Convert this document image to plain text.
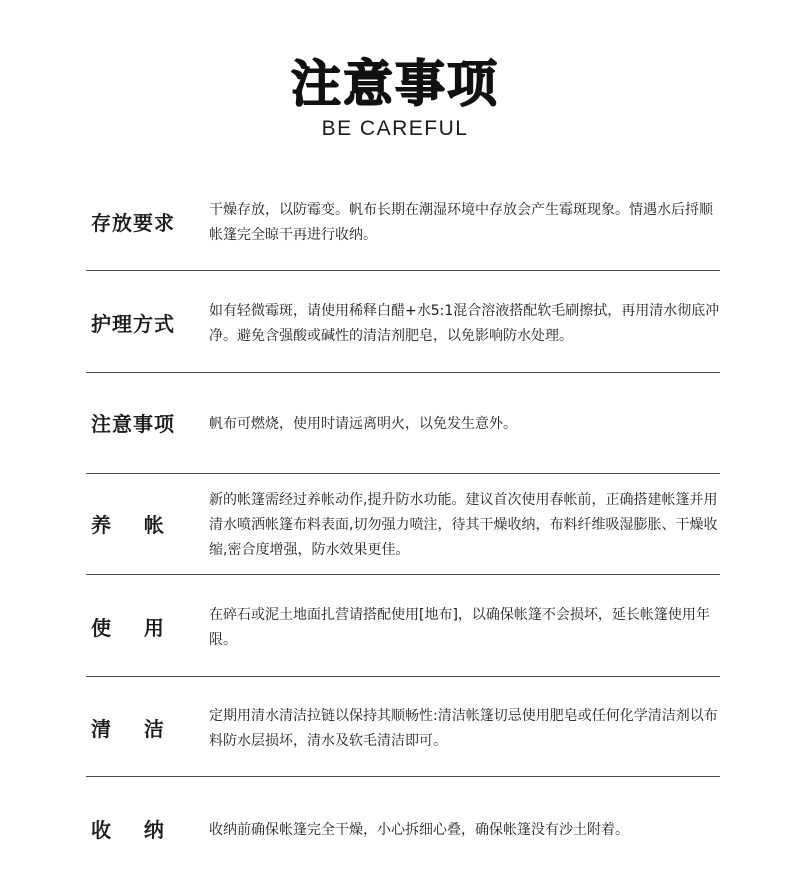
注意事项
BE CAREFUL
存放要求
干燥存放，以防霉变。帆布长期在潮湿环境中存放会产生霉斑现象。情遇水后捋顺帐篷完全晾干再进行收纳。
护理方式
如有轻微霉斑，请使用稀释白醋+水5:1混合溶液搭配软毛刷擦拭，再用清水彻底冲净。避免含强酸或碱性的清洁剂肥皂，以免影响防水处理。
注意事项	帆布可燃烧，使用时请远离明火，以免发生意外。
养    帐
新的帐篷需经过养帐动作,提升防水功能。建议首次使用春帐前，正确搭建帐篷并用清水喷洒帐篷布料表面,切勿强力喷注，待其干燥收纳，布料纤维吸湿膨胀、干燥收缩,密合度增强，防水效果更佳。
使    用
在碎石或泥土地面扎营请搭配使用[地布]，以确保帐篷不会损坏，延长帐篷使用年限。
清    洁
定期用清水清洁拉链以保持其顺畅性:清洁帐篷切忌使用肥皂或任何化学清洁剂以布料防水层损坏，清水及软毛清洁即可。
收    纳	收纳前确保帐篷完全干燥，小心拆细心叠，确保帐篷没有沙土附着。
